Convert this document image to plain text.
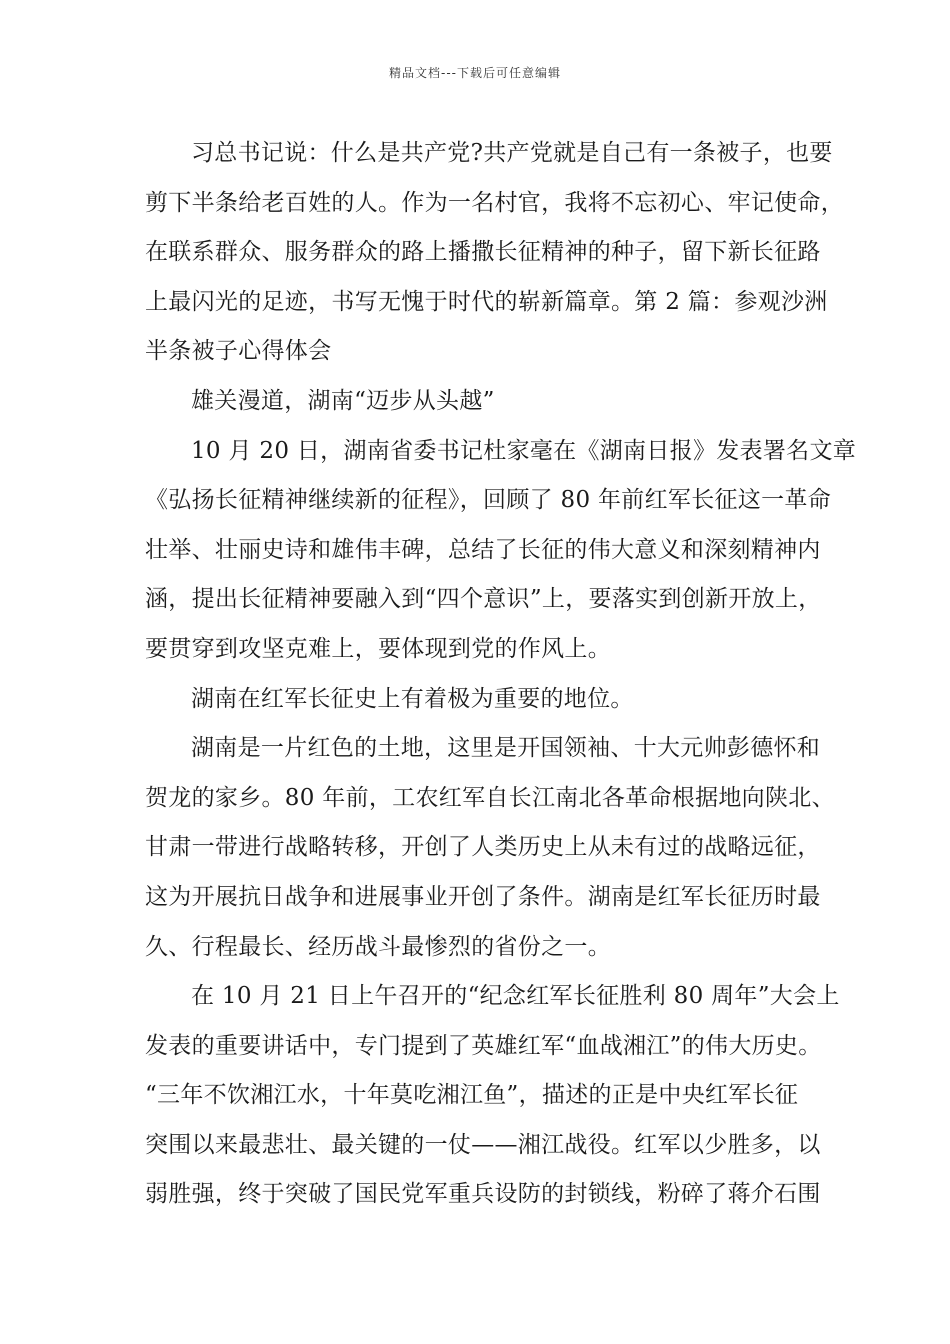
精品文档---下载后可任意编辑

习总书记说：什么是共产党?共产党就是自己有一条被子，也要
剪下半条给老百姓的人。作为一名村官，我将不忘初心、牢记使命，
在联系群众、服务群众的路上播撒长征精神的种子，留下新长征路
上最闪光的足迹，书写无愧于时代的崭新篇章。第 2 篇：参观沙洲
半条被子心得体会

雄关漫道，湖南“迈步从头越”

10 月 20 日，湖南省委书记杜家毫在《湖南日报》发表署名文章
《弘扬长征精神继续新的征程》，回顾了 80 年前红军长征这一革命
壮举、壮丽史诗和雄伟丰碑，总结了长征的伟大意义和深刻精神内
涵，提出长征精神要融入到“四个意识”上，要落实到创新开放上，
要贯穿到攻坚克难上，要体现到党的作风上。

湖南在红军长征史上有着极为重要的地位。

湖南是一片红色的土地，这里是开国领袖、十大元帅彭德怀和
贺龙的家乡。80 年前，工农红军自长江南北各革命根据地向陕北、
甘肃一带进行战略转移，开创了人类历史上从未有过的战略远征，
这为开展抗日战争和进展事业开创了条件。湖南是红军长征历时最
久、行程最长、经历战斗最惨烈的省份之一。

在 10 月 21 日上午召开的“纪念红军长征胜利 80 周年”大会上
发表的重要讲话中，专门提到了英雄红军“血战湘江”的伟大历史。
“三年不饮湘江水，十年莫吃湘江鱼”，描述的正是中央红军长征
突围以来最悲壮、最关键的一仗——湘江战役。红军以少胜多，以
弱胜强，终于突破了国民党军重兵设防的封锁线，粉碎了蒋介石围
